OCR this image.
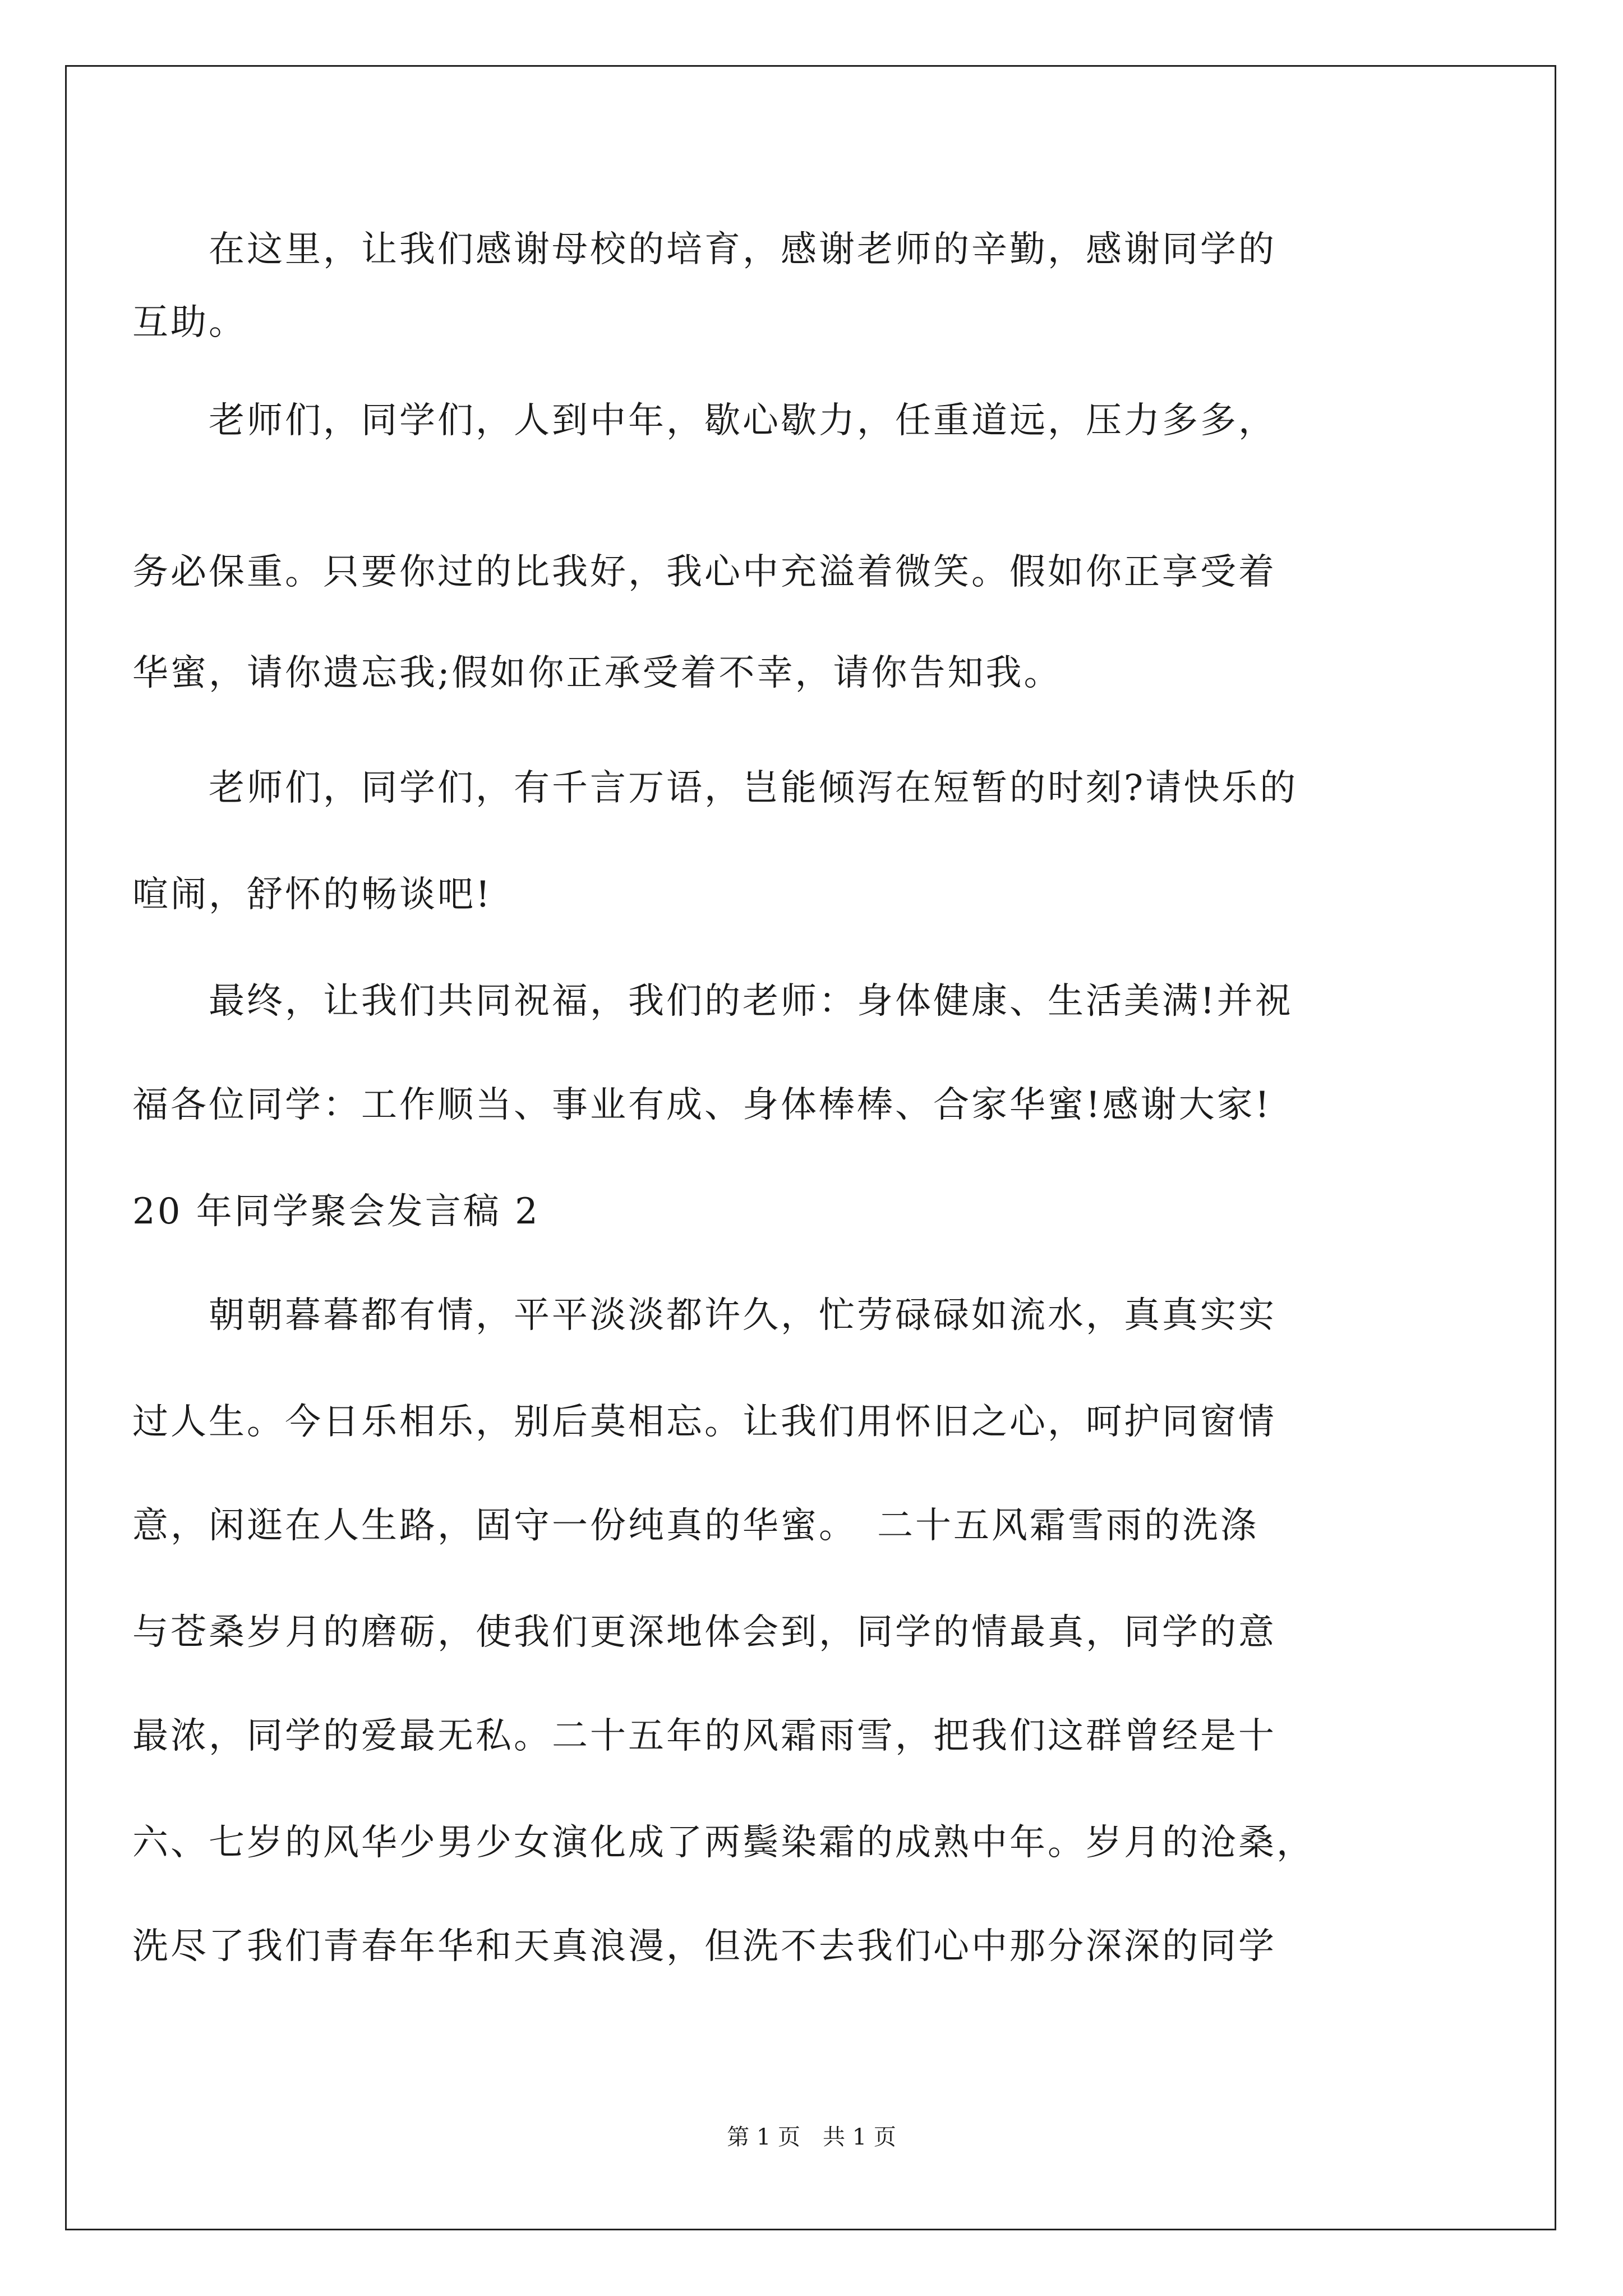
　　在这里，让我们感谢母校的培育，感谢老师的辛勤，感谢同学的
互助。
　　老师们，同学们，人到中年，歇心歇力，任重道远，压力多多，
务必保重。只要你过的比我好，我心中充溢着微笑。假如你正享受着
华蜜，请你遗忘我;假如你正承受着不幸，请你告知我。
　　老师们，同学们，有千言万语，岂能倾泻在短暂的时刻?请快乐的
喧闹，舒怀的畅谈吧!
　　最终，让我们共同祝福，我们的老师：身体健康、生活美满!并祝
福各位同学：工作顺当、事业有成、身体棒棒、合家华蜜!感谢大家!
20 年同学聚会发言稿 2
　　朝朝暮暮都有情，平平淡淡都许久，忙劳碌碌如流水，真真实实
过人生。今日乐相乐，别后莫相忘。让我们用怀旧之心，呵护同窗情
意，闲逛在人生路，固守一份纯真的华蜜。　二十五风霜雪雨的洗涤
与苍桑岁月的磨砺，使我们更深地体会到，同学的情最真，同学的意
最浓，同学的爱最无私。二十五年的风霜雨雪，把我们这群曾经是十
六、七岁的风华少男少女演化成了两鬓染霜的成熟中年。岁月的沧桑，
洗尽了我们青春年华和天真浪漫，但洗不去我们心中那分深深的同学
第 1 页　共 1 页
